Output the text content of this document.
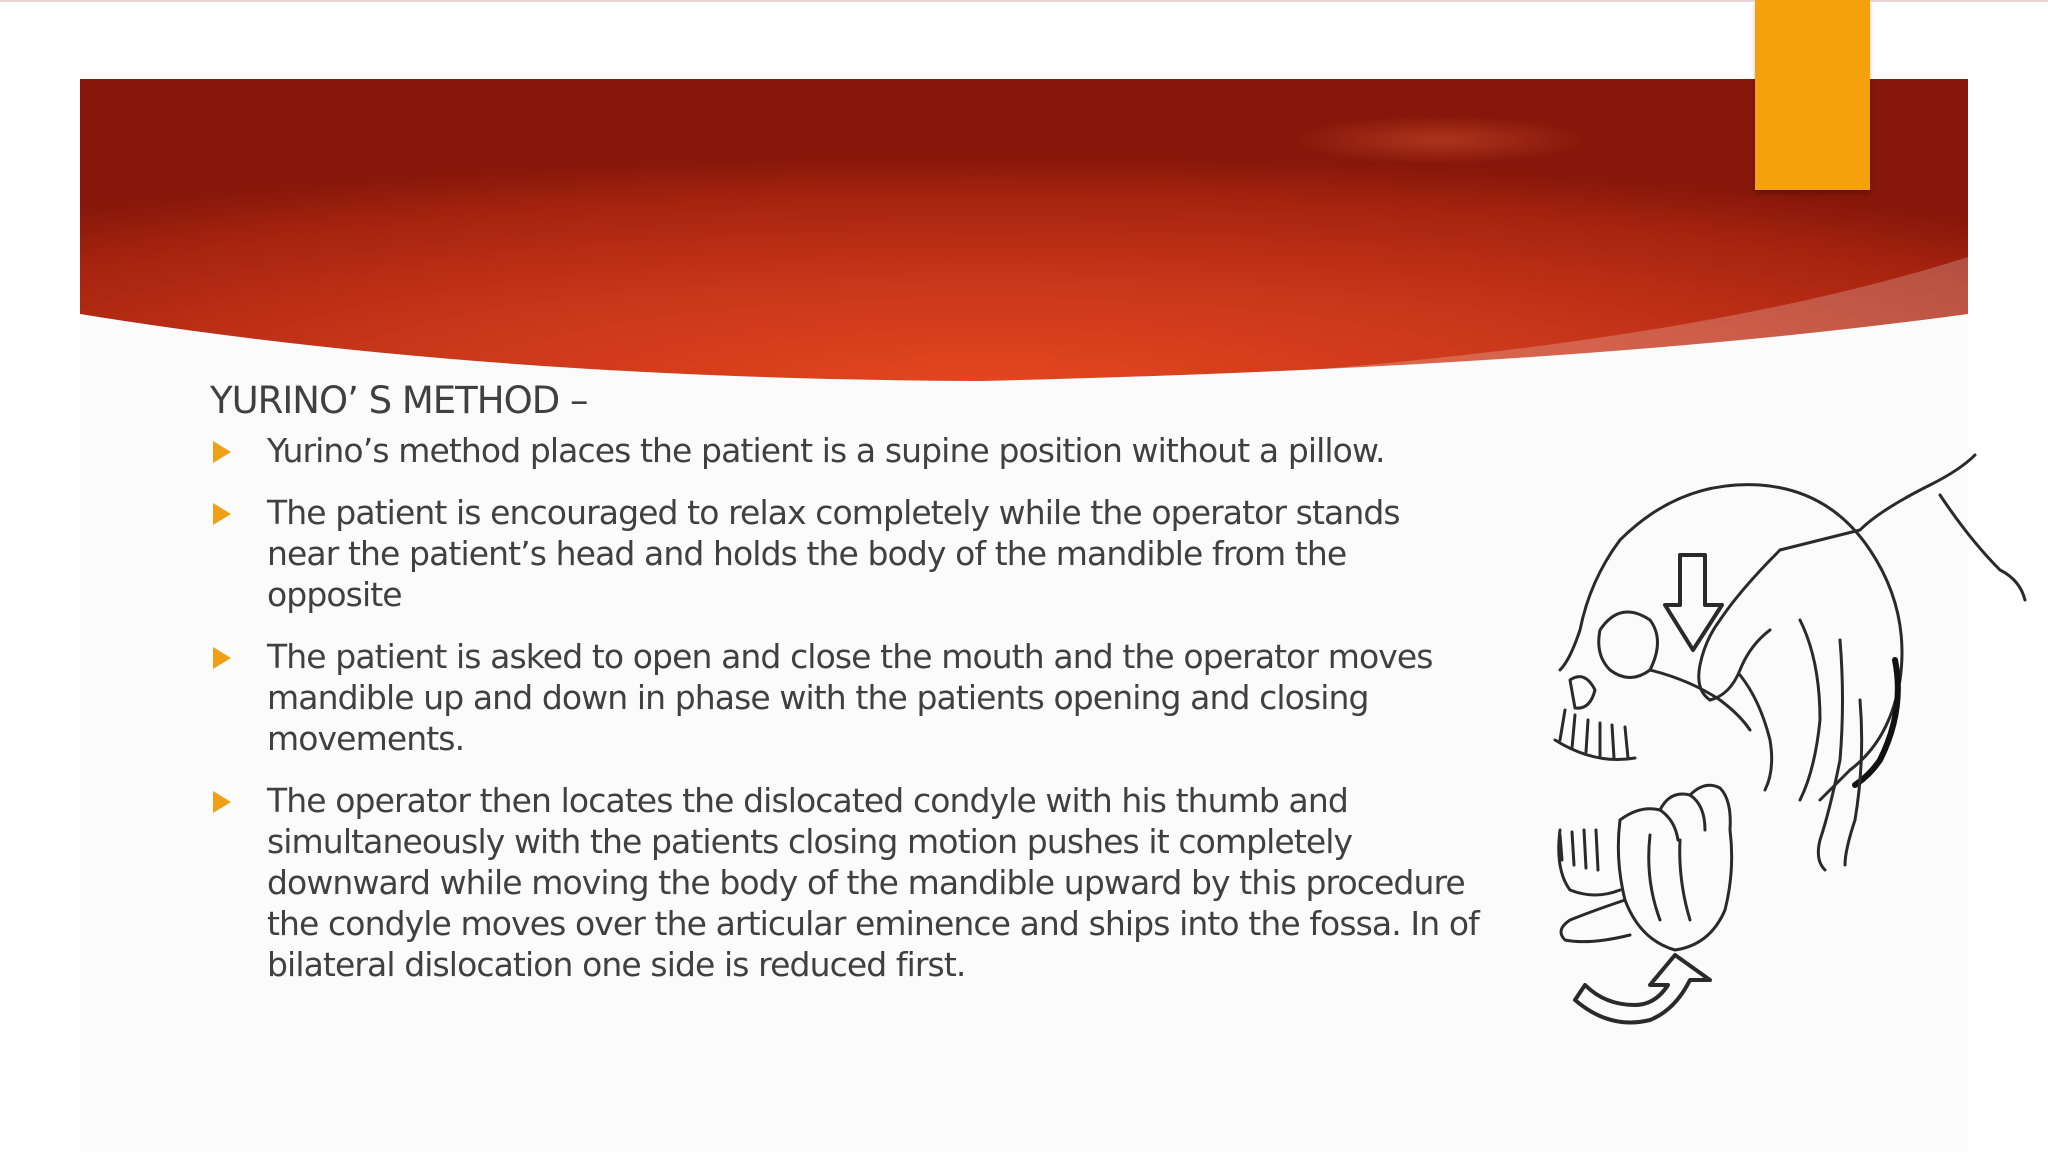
YURINO’ S METHOD –
Yurino’s method places the patient is a supine position without a pillow.
The patient is encouraged to relax completely while the operator stands near the patient’s head and holds the body of the mandible from the opposite
The patient is asked to open and close the mouth and the operator moves mandible up and down in phase with the patients opening and closing movements.
The operator then locates the dislocated condyle with his thumb and simultaneously with the patients closing motion pushes it completely downward while moving the body of the mandible upward by this procedure the condyle moves over the articular eminence and ships into the fossa. In of bilateral dislocation one side is reduced first.
